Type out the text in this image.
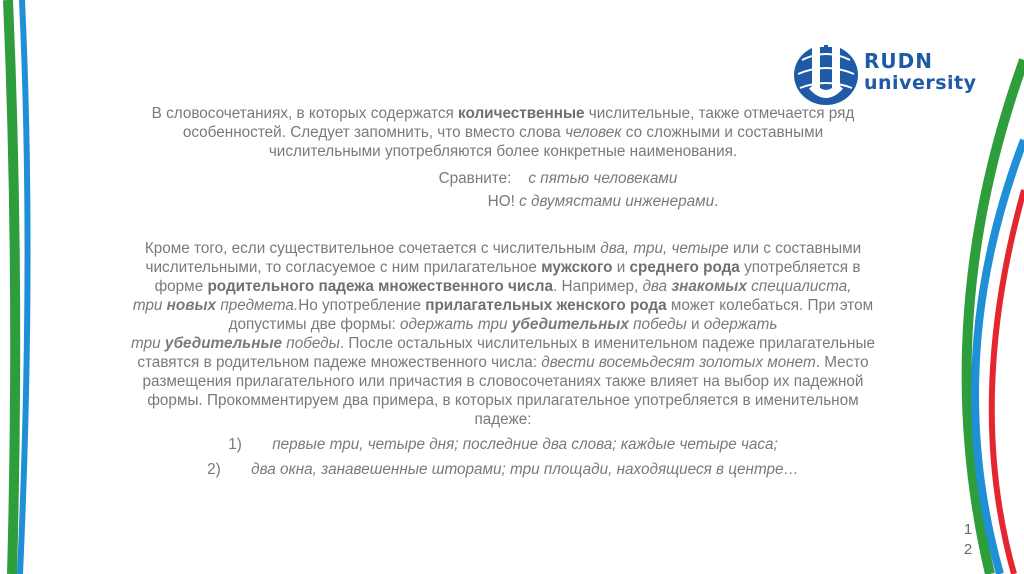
RUDN
university

В словосочетаниях, в которых содержатся количественные числительные, также отмечается ряд
особенностей. Следует запомнить, что вместо слова человек со сложными и составными
числительными употребляются более конкретные наименования.

Сравните: с пятью человеками
НО! с двумястами инженерами.

Кроме того, если существительное сочетается с числительным два, три, четыре или с составными
числительными, то согласуемое с ним прилагательное мужского и среднего рода употребляется в
форме родительного падежа множественного числа. Например, два знакомых специалиста,
три новых предмета.Но употребление прилагательных женского рода может колебаться. При этом
допустимы две формы: одержать три убедительных победы и одержать
три убедительные победы. После остальных числительных в именительном падеже прилагательные
ставятся в родительном падеже множественного числа: двести восемьдесят золотых монет. Место
размещения прилагательного или причастия в словосочетаниях также влияет на выбор их падежной
формы. Прокомментируем два примера, в которых прилагательное употребляется в именительном
падеже:

1) первые три, четыре дня; последние два слова; каждые четыре часа;
2) два окна, занавешенные шторами; три площади, находящиеся в центре…
1
2
